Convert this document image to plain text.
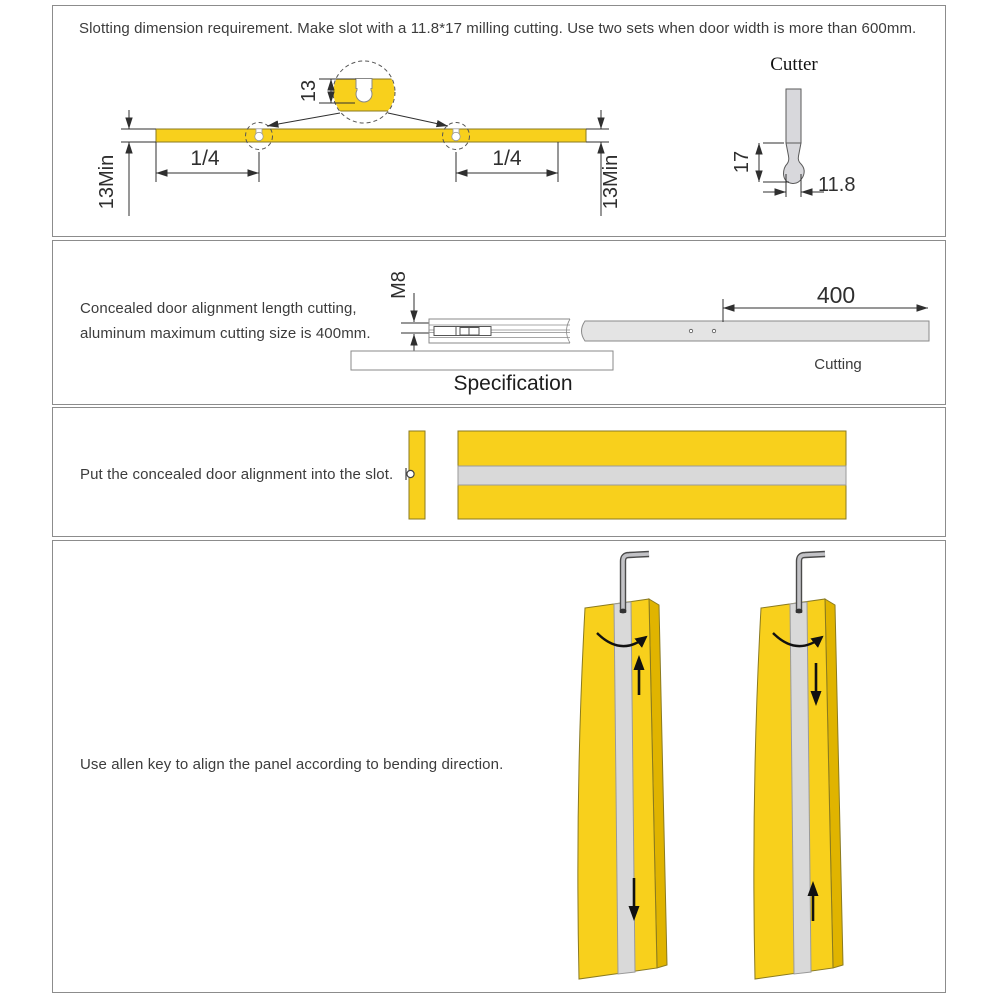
Slotting dimension requirement. Make slot with a 11.8*17 milling cutting. Use two sets when door width is more than 600mm.
13
13Min	1/4	1/4	13Min
Cutter
17
11.8
Concealed door alignment length cutting,
aluminum maximum cutting size is 400mm.
M8	400
Cutting
Specification
Put the concealed door alignment into the slot.
Use allen key to align the panel according to bending direction.
